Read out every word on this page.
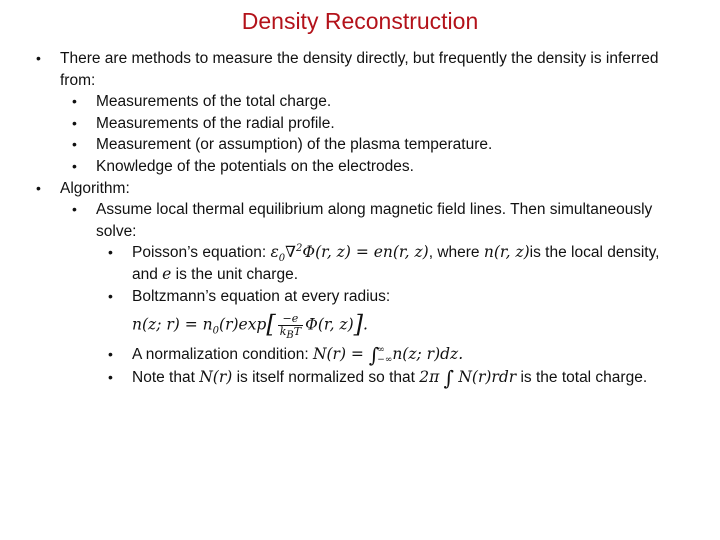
Density Reconstruction
•	There are methods to measure the density directly, but frequently the density is inferred from:
•	Measurements of the total charge.
•	Measurements of the radial profile.
•	Measurement (or assumption) of the plasma temperature.
•	Knowledge of the potentials on the electrodes.
•	Algorithm:
•	Assume local thermal equilibrium along magnetic field lines. Then simultaneously solve:
•	Poisson’s equation: $\varepsilon_0\nabla^2\Phi(r$, z) = en(r, z), where n(r, z)is the local density, and e is the unit charge.
•	Boltzmann’s equation at every radius:
n(z; $r) = n_0(r)\exp[ \frac{-e}{k_BT} \Phi(r$, z)].
•	A normalization condition: N(r) = ∫
∞
−∞ n(z; r)dz.
•	Note that N(r) is itself normalized so that 2π ∫ N(r)rdr is the total charge.
